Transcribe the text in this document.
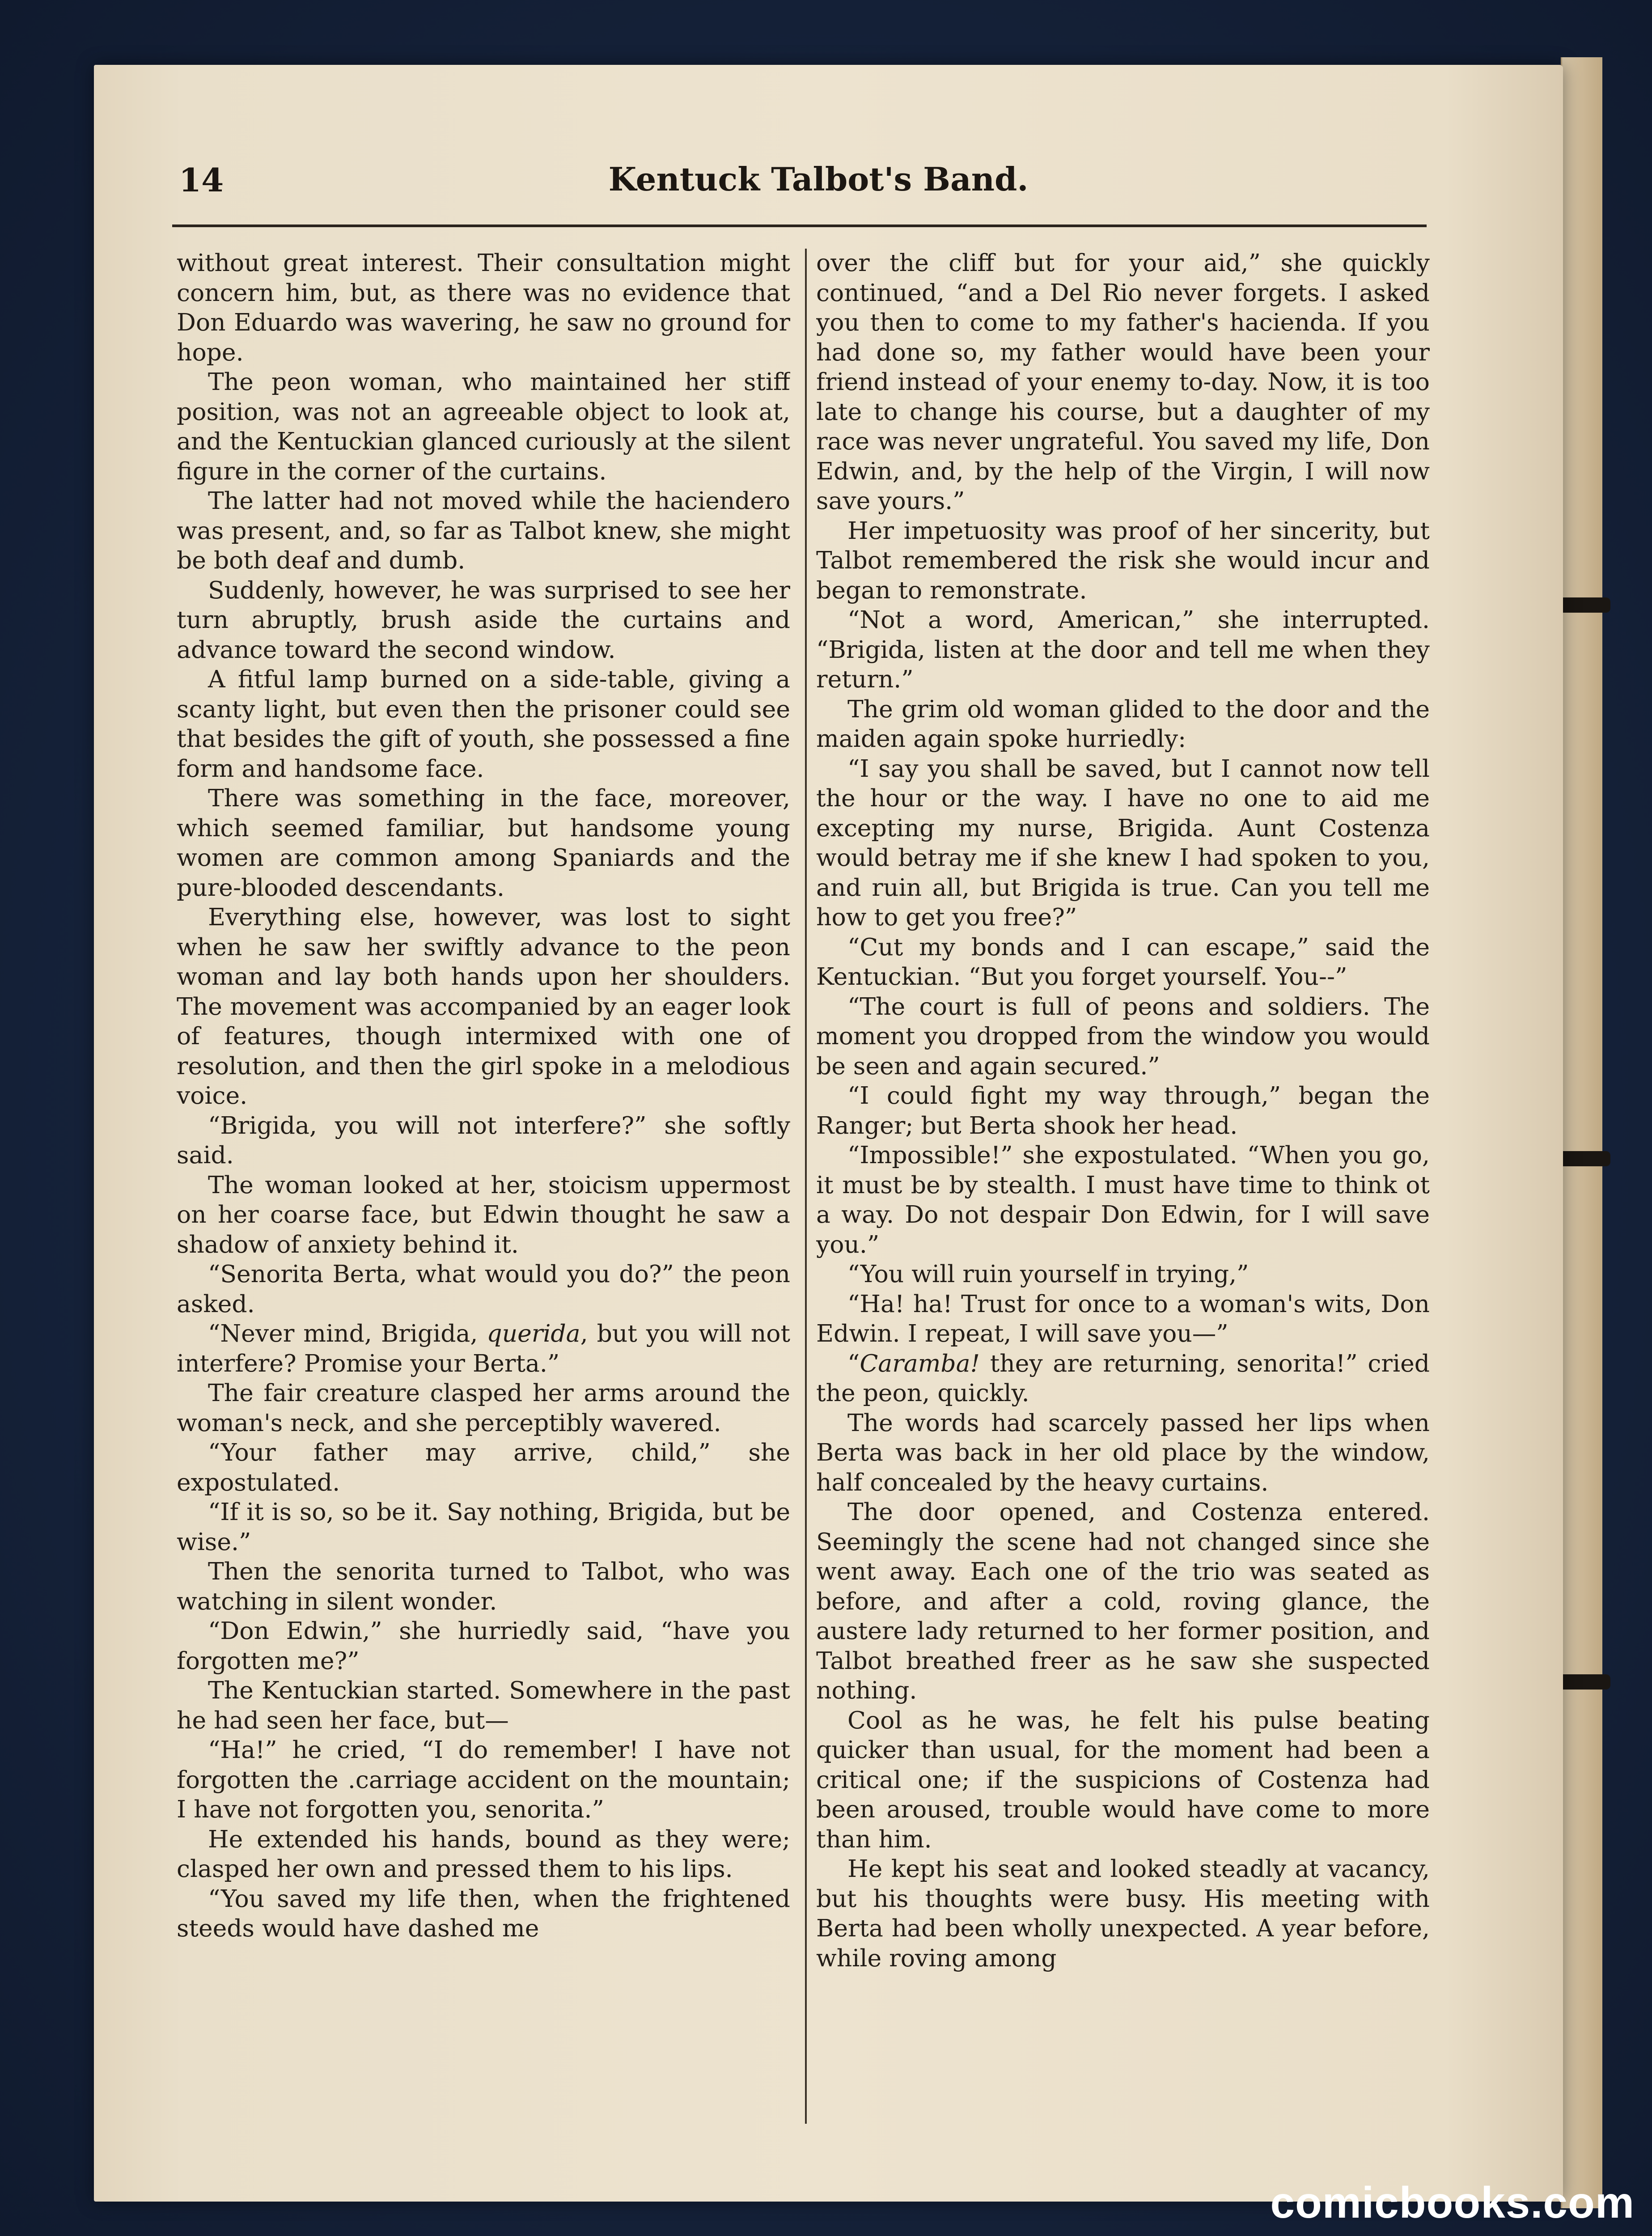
14	Kentuck Talbot's Band.

without great interest. Their consultation might concern him, but, as there was no evidence that Don Eduardo was wavering, he saw no ground for hope.

The peon woman, who maintained her stiff position, was not an agreeable object to look at, and the Kentuckian glanced curiously at the silent figure in the corner of the curtains.

The latter had not moved while the haciendero was present, and, so far as Talbot knew, she might be both deaf and dumb.

Suddenly, however, he was surprised to see her turn abruptly, brush aside the curtains and advance toward the second window.

A fitful lamp burned on a side-table, giving a scanty light, but even then the prisoner could see that besides the gift of youth, she possessed a fine form and handsome face.

There was something in the face, moreover, which seemed familiar, but handsome young women are common among Spaniards and the pure-blooded descendants.

Everything else, however, was lost to sight when he saw her swiftly advance to the peon woman and lay both hands upon her shoulders. The movement was accompanied by an eager look of features, though intermixed with one of resolution, and then the girl spoke in a melodious voice.

“Brigida, you will not interfere?” she softly said.

The woman looked at her, stoicism uppermost on her coarse face, but Edwin thought he saw a shadow of anxiety behind it.

“Senorita Berta, what would you do?” the peon asked.

“Never mind, Brigida, querida, but you will not interfere? Promise your Berta.”

The fair creature clasped her arms around the woman's neck, and she perceptibly wavered.

“Your father may arrive, child,” she expostulated.

“If it is so, so be it. Say nothing, Brigida, but be wise.”

Then the senorita turned to Talbot, who was watching in silent wonder.

“Don Edwin,” she hurriedly said, “have you forgotten me?”

The Kentuckian started. Somewhere in the past he had seen her face, but—

“Ha!” he cried, “I do remember! I have not forgotten the .carriage accident on the mountain; I have not forgotten you, senorita.”

He extended his hands, bound as they were; clasped her own and pressed them to his lips.

“You saved my life then, when the frightened steeds would have dashed me

over the cliff but for your aid,” she quickly continued, “and a Del Rio never forgets. I asked you then to come to my father's hacienda. If you had done so, my father would have been your friend instead of your enemy to-day. Now, it is too late to change his course, but a daughter of my race was never ungrateful. You saved my life, Don Edwin, and, by the help of the Virgin, I will now save yours.”

Her impetuosity was proof of her sincerity, but Talbot remembered the risk she would incur and began to remonstrate.

“Not a word, American,” she interrupted. “Brigida, listen at the door and tell me when they return.”

The grim old woman glided to the door and the maiden again spoke hurriedly:

“I say you shall be saved, but I cannot now tell the hour or the way. I have no one to aid me excepting my nurse, Brigida. Aunt Costenza would betray me if she knew I had spoken to you, and ruin all, but Brigida is true. Can you tell me how to get you free?”

“Cut my bonds and I can escape,” said the Kentuckian. “But you forget yourself. You--”

“The court is full of peons and soldiers. The moment you dropped from the window you would be seen and again secured.”

“I could fight my way through,” began the Ranger; but Berta shook her head.

“Impossible!” she expostulated. “When you go, it must be by stealth. I must have time to think ot a way. Do not despair Don Edwin, for I will save you.”

“You will ruin yourself in trying,”

“Ha! ha! Trust for once to a woman's wits, Don Edwin. I repeat, I will save you—”

“Caramba! they are returning, senorita!” cried the peon, quickly.

The words had scarcely passed her lips when Berta was back in her old place by the window, half concealed by the heavy curtains.

The door opened, and Costenza entered. Seemingly the scene had not changed since she went away. Each one of the trio was seated as before, and after a cold, roving glance, the austere lady returned to her former position, and Talbot breathed freer as he saw she suspected nothing.

Cool as he was, he felt his pulse beating quicker than usual, for the moment had been a critical one; if the suspicions of Costenza had been aroused, trouble would have come to more than him.

He kept his seat and looked steadly at vacancy, but his thoughts were busy. His meeting with Berta had been wholly unexpected. A year before, while roving among

comicbooks.com
